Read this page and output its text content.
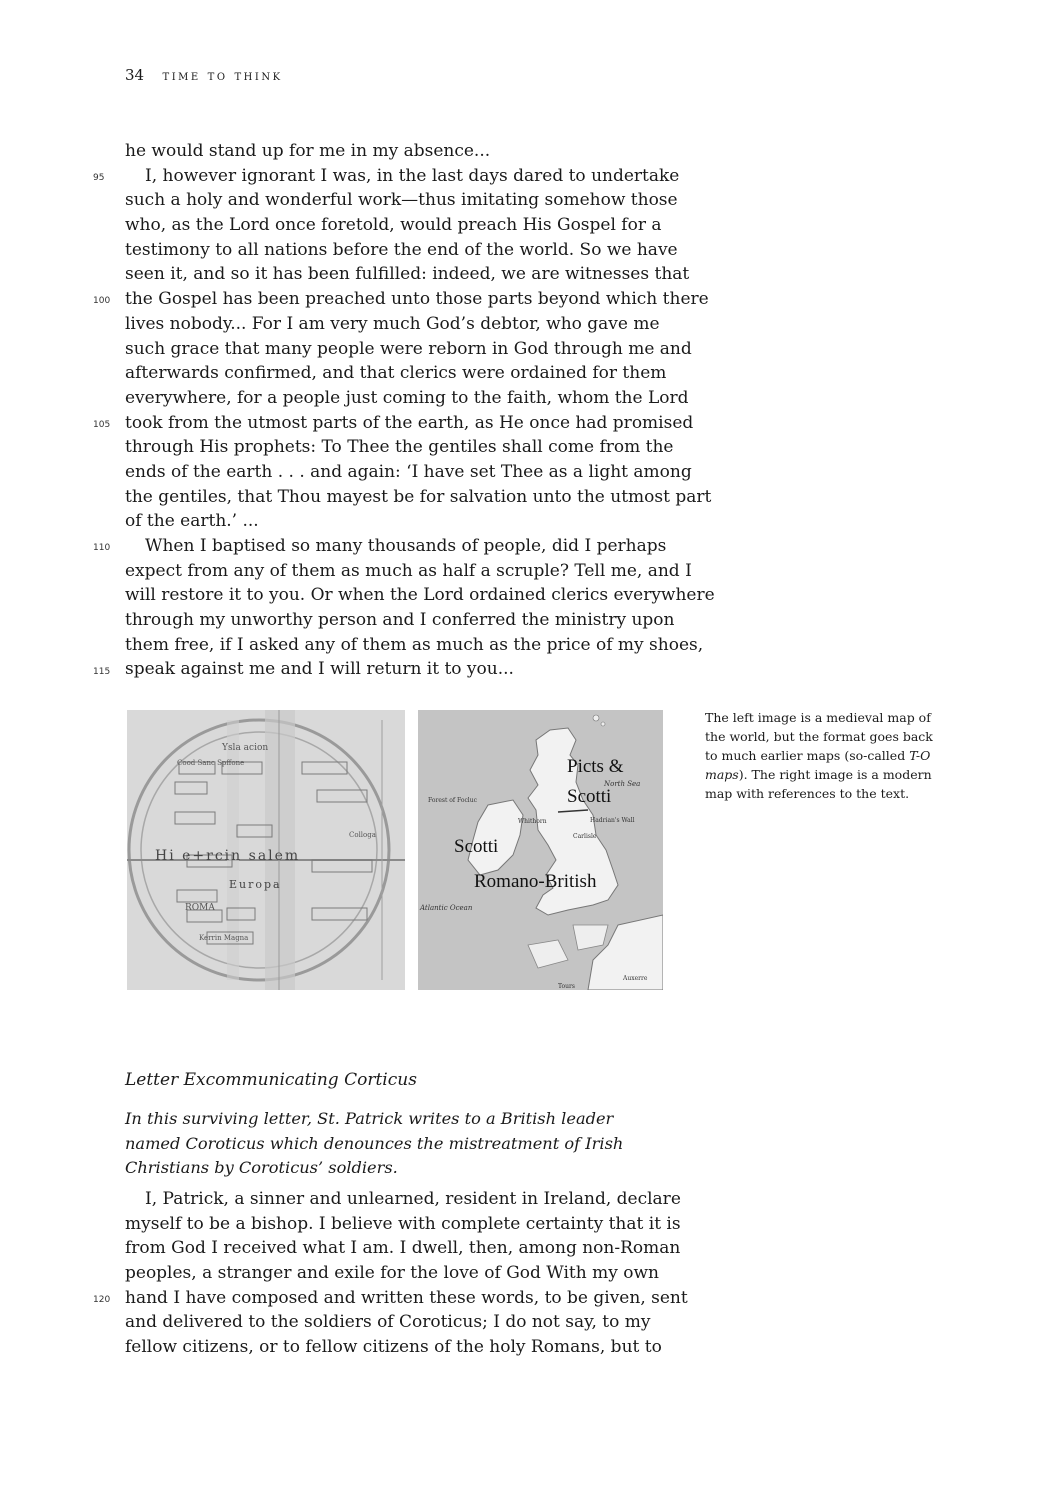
34 time to think
he would stand up for me in my absence...
I, however ignorant I was, in the last days dared to undertake
such a holy and wonderful work—thus imitating somehow those
who, as the Lord once foretold, would preach His Gospel for a
testimony to all nations before the end of the world. So we have
seen it, and so it has been fulfilled: indeed, we are witnesses that
the Gospel has been preached unto those parts beyond which there
lives nobody... For I am very much God’s debtor, who gave me
such grace that many people were reborn in God through me and
afterwards confirmed, and that clerics were ordained for them
everywhere, for a people just coming to the faith, whom the Lord
took from the utmost parts of the earth, as He once had promised
through His prophets: To Thee the gentiles shall come from the
ends of the earth . . . and again: ‘I have set Thee as a light among
the gentiles, that Thou mayest be for salvation unto the utmost part
of the earth.’ ...
When I baptised so many thousands of people, did I perhaps
expect from any of them as much as half a scruple? Tell me, and I
will restore it to you. Or when the Lord ordained clerics everywhere
through my unworthy person and I conferred the ministry upon
them free, if I asked any of them as much as the price of my shoes,
speak against me and I will return it to you...
Ysla acion
Cood Sanc Spffone
Colloga
Hi e+rcin salem
ROMA
Europa
Kerrin Magna
Picts &
Scotti
Scotti
Romano-British
North Sea
Forest of Focluc
Whithorn	Hadrian's Wall
Carlisle
Atlantic Ocean
Tours
Auxerre
The left image is a medieval map of the world, but the format goes back to much earlier maps (so-called T-O maps). The right image is a modern map with references to the text.
Letter Excommunicating Corticus
In this surviving letter, St. Patrick writes to a British leader named Coroticus which denounces the mistreatment of Irish Christians by Coroticus’ soldiers.
I, Patrick, a sinner and unlearned, resident in Ireland, declare
myself to be a bishop. I believe with complete certainty that it is
from God I received what I am. I dwell, then, among non-Roman
peoples, a stranger and exile for the love of God With my own
hand I have composed and written these words, to be given, sent
and delivered to the soldiers of Coroticus; I do not say, to my
fellow citizens, or to fellow citizens of the holy Romans, but to
95
100
105
110
115
120
